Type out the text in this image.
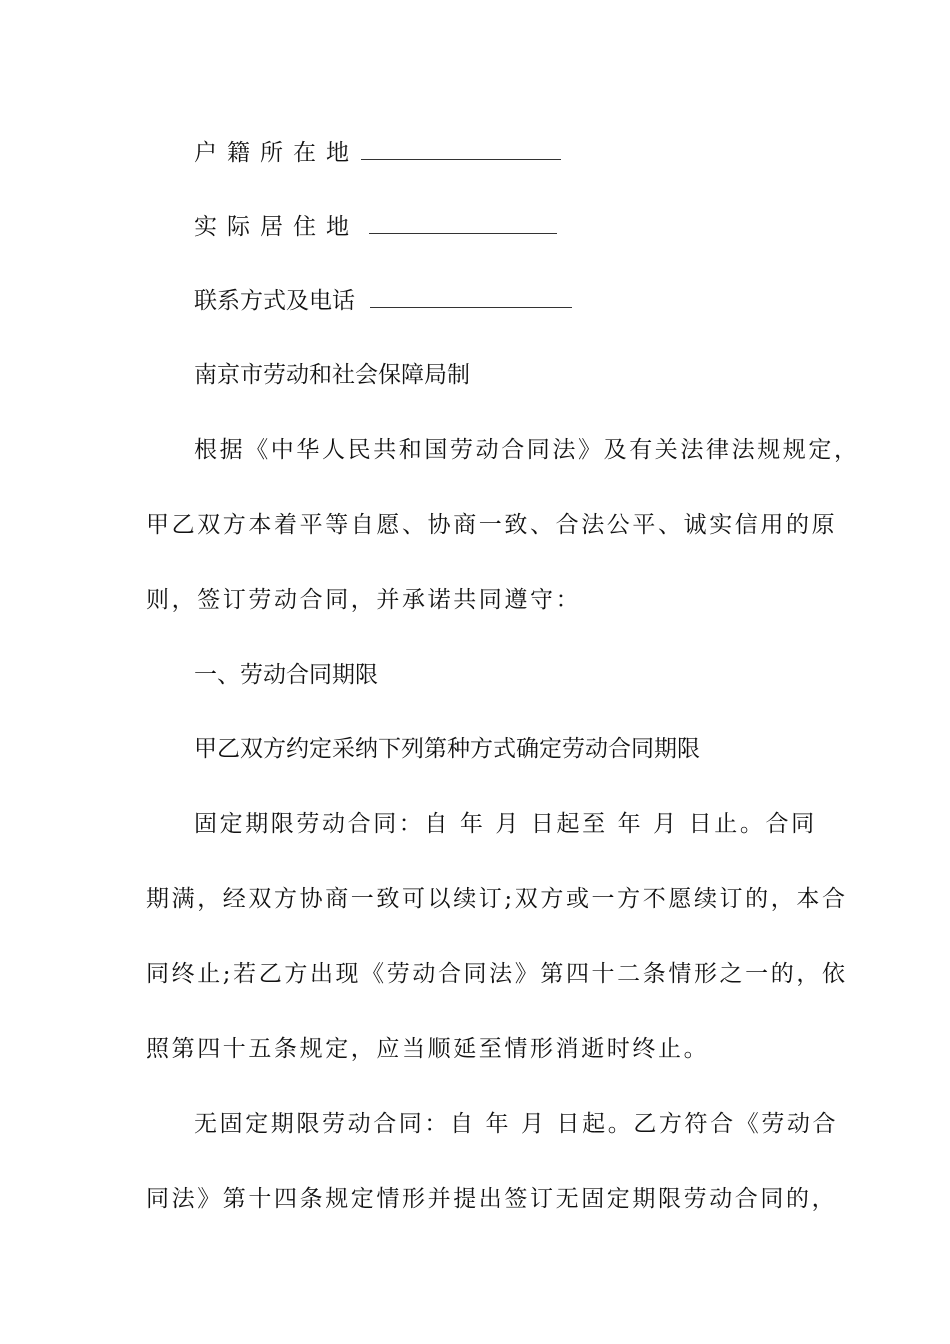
户籍所在地
实际居住地
联系方式及电话
南京市劳动和社会保障局制
根据《中华人民共和国劳动合同法》及有关法律法规规定，
甲乙双方本着平等自愿、协商一致、合法公平、诚实信用的原
则，签订劳动合同，并承诺共同遵守：
一、劳动合同期限
甲乙双方约定采纳下列第种方式确定劳动合同期限
固定期限劳动合同：自 年 月 日起至 年 月 日止。合同
期满，经双方协商一致可以续订;双方或一方不愿续订的，本合
同终止;若乙方出现《劳动合同法》第四十二条情形之一的，依
照第四十五条规定，应当顺延至情形消逝时终止。
无固定期限劳动合同：自 年 月 日起。乙方符合《劳动合
同法》第十四条规定情形并提出签订无固定期限劳动合同的，
